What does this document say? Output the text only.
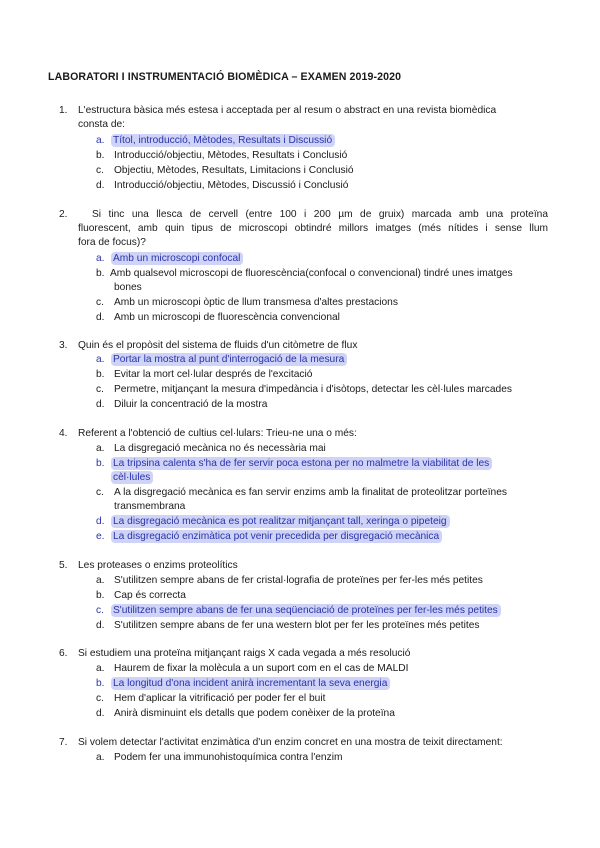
LABORATORI I INSTRUMENTACIÓ BIOMÈDICA – EXAMEN 2019-2020
1. L'estructura bàsica més estesa i acceptada per al resum o abstract en una revista biomèdica
consta de:
a. Títol, introducció, Mètodes, Resultats i Discussió
b. Introducció/objectiu, Mètodes, Resultats i Conclusió
c. Objectiu, Mètodes, Resultats, Limitacions i Conclusió
d. Introducció/objectiu, Mètodes, Discussió i Conclusió
2. Si tinc una llesca de cervell (entre 100 i 200 µm de gruix) marcada amb una proteïna
fluorescent, amb quin tipus de microscopi obtindré millors imatges (més nítides i sense llum
fora de focus)?
a. Amb un microscopi confocal
b. Amb qualsevol microscopi de fluorescència(confocal o convencional) tindré unes imatges
bones
c. Amb un microscopi òptic de llum transmesa d'altes prestacions
d. Amb un microscopi de fluorescència convencional
3. Quin és el propòsit del sistema de fluids d'un citòmetre de flux
a. Portar la mostra al punt d'interrogació de la mesura
b. Evitar la mort cel·lular després de l'excitació
c. Permetre, mitjançant la mesura d'impedància i d'isòtops, detectar les cèl·lules marcades
d. Diluir la concentració de la mostra
4. Referent a l'obtenció de cultius cel·lulars: Trieu-ne una o més:
a. La disgregació mecànica no és necessària mai
b. La tripsina calenta s'ha de fer servir poca estona per no malmetre la viabilitat de les
cèl·lules
c. A la disgregació mecànica es fan servir enzims amb la finalitat de proteolitzar porteïnes
transmembrana
d. La disgregació mecànica es pot realitzar mitjançant tall, xeringa o pipeteig
e. La disgregació enzimàtica pot venir precedida per disgregació mecànica
5. Les proteases o enzims proteolítics
a. S'utilitzen sempre abans de fer cristal·lografia de proteïnes per fer-les més petites
b. Cap és correcta
c. S'utilitzen sempre abans de fer una seqüenciació de proteïnes per fer-les més petites
d. S'utilitzen sempre abans de fer una western blot per fer les proteïnes més petites
6. Si estudiem una proteïna mitjançant raigs X cada vegada a més resolució
a. Haurem de fixar la molècula a un suport com en el cas de MALDI
b. La longitud d'ona incident anirà incrementant la seva energia
c. Hem d'aplicar la vitrificació per poder fer el buit
d. Anirà disminuint els detalls que podem conèixer de la proteïna
7. Si volem detectar l'activitat enzimàtica d'un enzim concret en una mostra de teixit directament:
a. Podem fer una immunohistoquímica contra l'enzim
